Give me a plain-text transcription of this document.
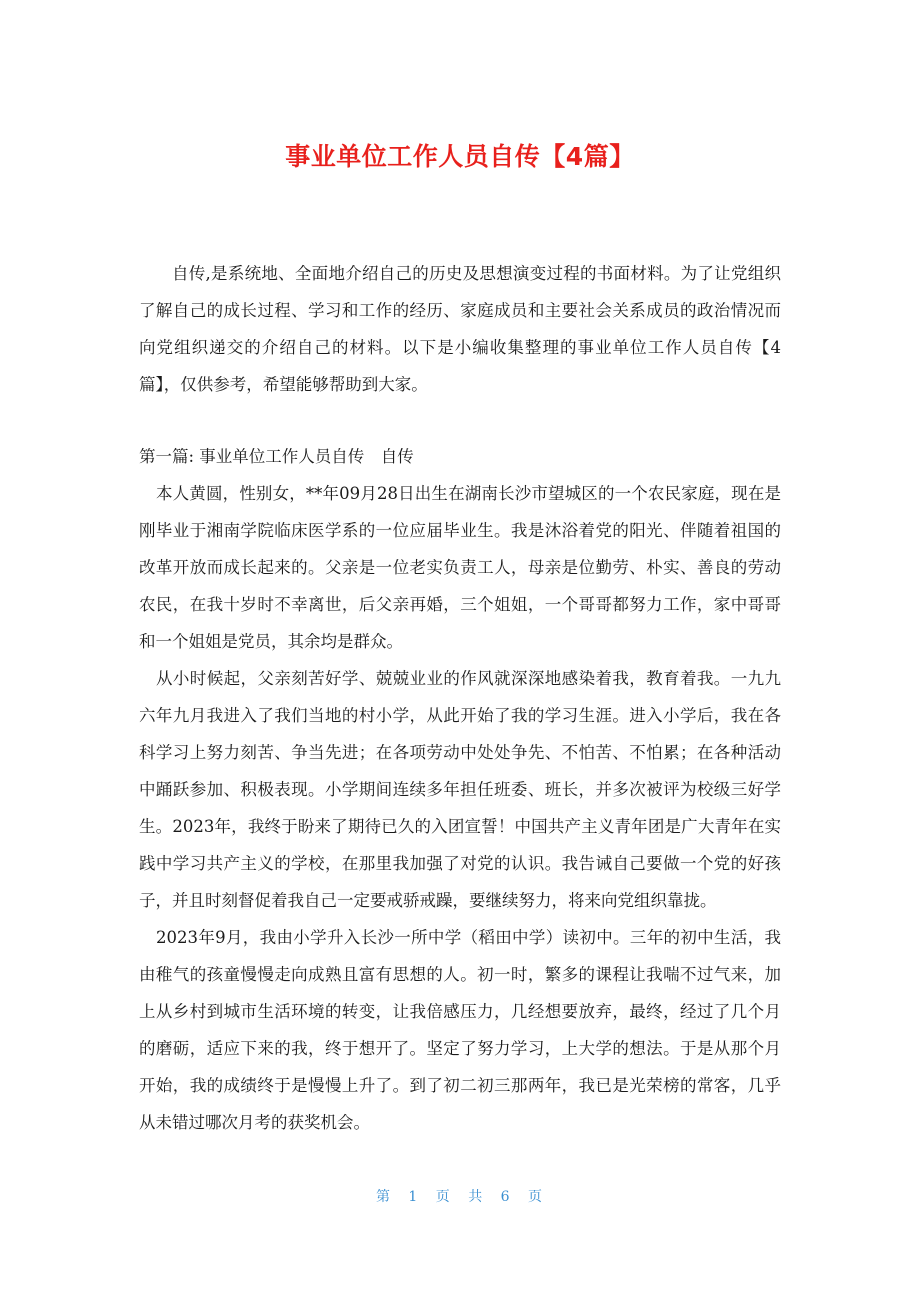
事业单位工作人员自传【4篇】

自传,是系统地、全面地介绍自己的历史及思想演变过程的书面材料。为了让党组织了解自己的成长过程、学习和工作的经历、家庭成员和主要社会关系成员的政治情况而向党组织递交的介绍自己的材料。以下是小编收集整理的事业单位工作人员自传【4篇】，仅供参考，希望能够帮助到大家。

第一篇: 事业单位工作人员自传　自传

本人黄圆，性别女，**年09月28日出生在湖南长沙市望城区的一个农民家庭，现在是刚毕业于湘南学院临床医学系的一位应届毕业生。我是沐浴着党的阳光、伴随着祖国的改革开放而成长起来的。父亲是一位老实负责工人，母亲是位勤劳、朴实、善良的劳动农民，在我十岁时不幸离世，后父亲再婚，三个姐姐，一个哥哥都努力工作，家中哥哥和一个姐姐是党员，其余均是群众。

从小时候起，父亲刻苦好学、兢兢业业的作风就深深地感染着我，教育着我。一九九六年九月我进入了我们当地的村小学，从此开始了我的学习生涯。进入小学后，我在各科学习上努力刻苦、争当先进；在各项劳动中处处争先、不怕苦、不怕累；在各种活动中踊跃参加、积极表现。小学期间连续多年担任班委、班长，并多次被评为校级三好学生。2023年，我终于盼来了期待已久的入团宣誓！中国共产主义青年团是广大青年在实践中学习共产主义的学校，在那里我加强了对党的认识。我告诫自己要做一个党的好孩子，并且时刻督促着我自己一定要戒骄戒躁，要继续努力，将来向党组织靠拢。

2023年9月，我由小学升入长沙一所中学（稻田中学）读初中。三年的初中生活，我由稚气的孩童慢慢走向成熟且富有思想的人。初一时，繁多的课程让我喘不过气来，加上从乡村到城市生活环境的转变，让我倍感压力，几经想要放弃，最终，经过了几个月的磨砺，适应下来的我，终于想开了。坚定了努力学习，上大学的想法。于是从那个月开始，我的成绩终于是慢慢上升了。到了初二初三那两年，我已是光荣榜的常客，几乎从未错过哪次月考的获奖机会。

第 1 页 共 6 页
